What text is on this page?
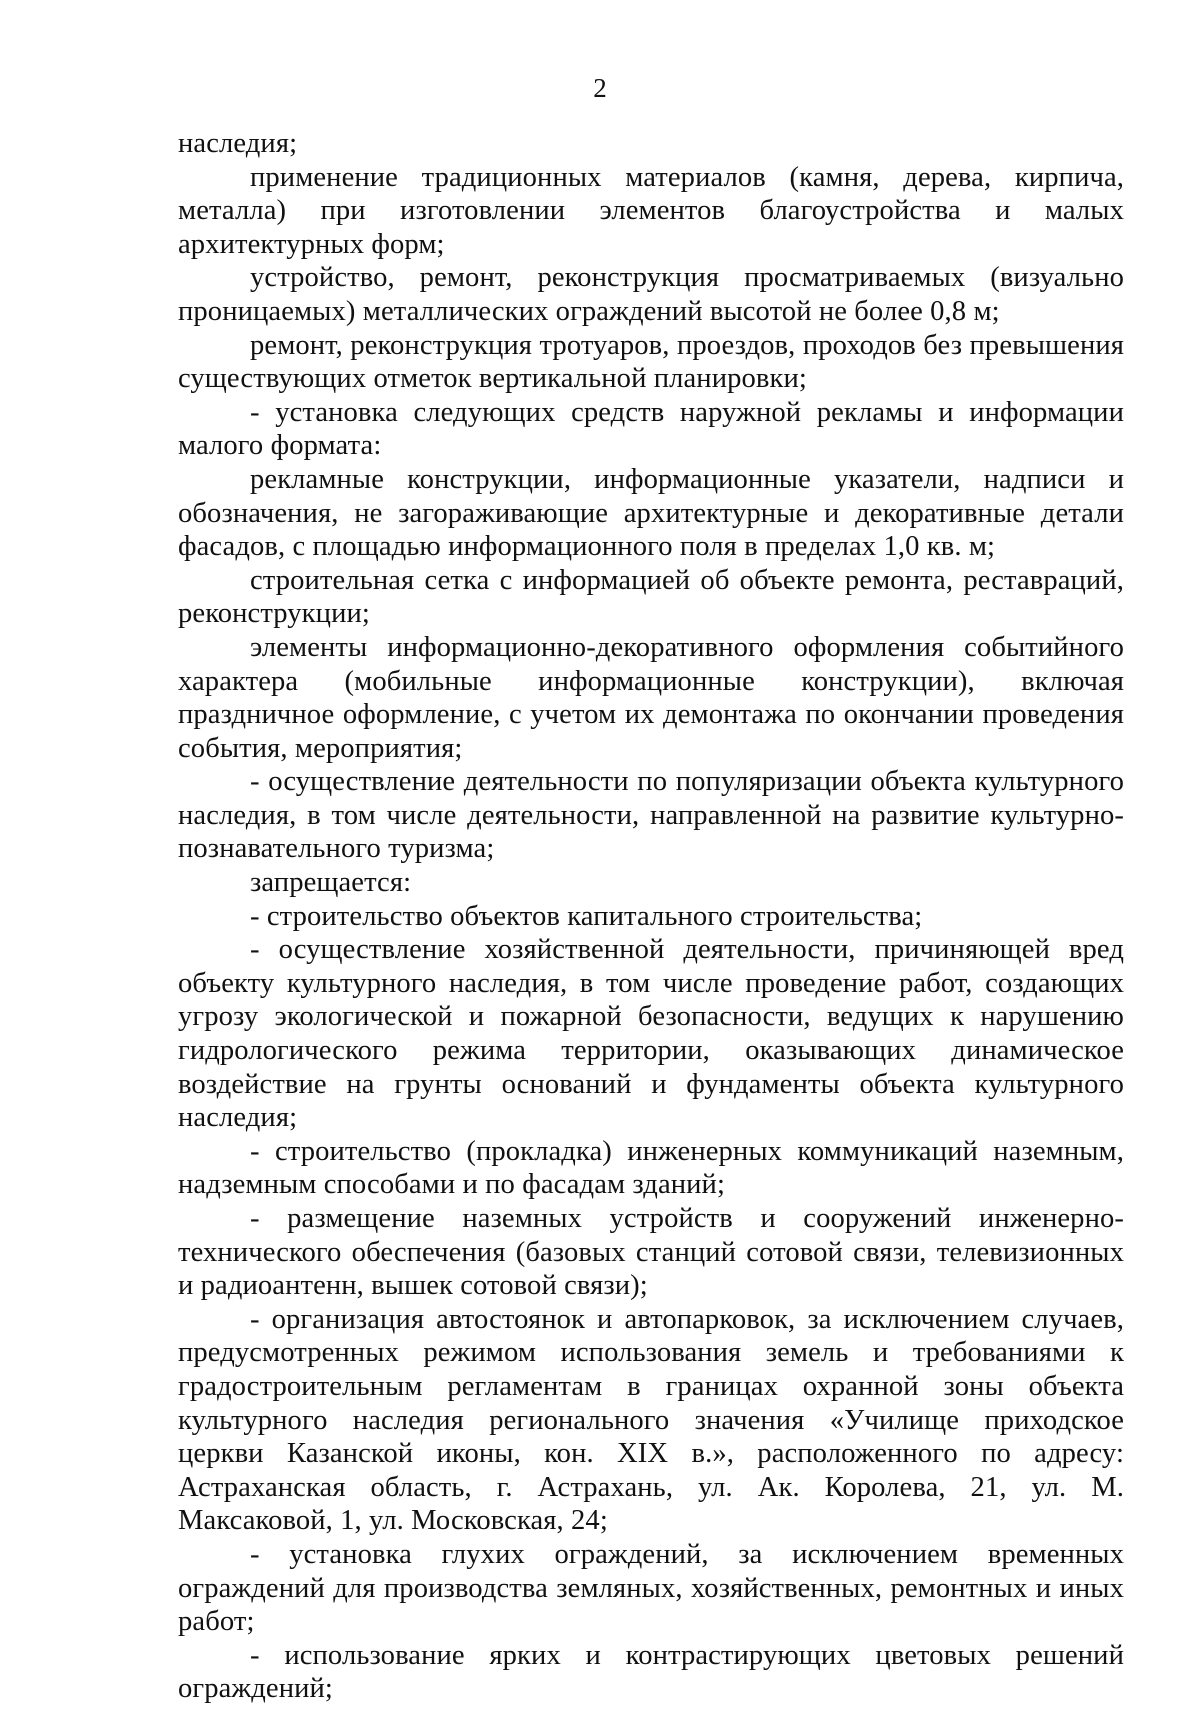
2

наследия;

применение традиционных материалов (камня, дерева, кирпича, металла) при изготовлении элементов благоустройства и малых архитектурных форм;

устройство, ремонт, реконструкция просматриваемых (визуально проницаемых) металлических ограждений высотой не более 0,8 м;

ремонт, реконструкция тротуаров, проездов, проходов без превышения существующих отметок вертикальной планировки;

- установка следующих средств наружной рекламы и информации малого формата:

рекламные конструкции, информационные указатели, надписи и обозначения, не загораживающие архитектурные и декоративные детали фасадов, с площадью информационного поля в пределах 1,0 кв. м;

строительная сетка с информацией об объекте ремонта, реставраций, реконструкции;

элементы информационно-декоративного оформления событийного характера (мобильные информационные конструкции), включая праздничное оформление, с учетом их демонтажа по окончании проведения события, мероприятия;

- осуществление деятельности по популяризации объекта культурного наследия, в том числе деятельности, направленной на развитие культурно-познавательного туризма;

запрещается:

- строительство объектов капитального строительства;

- осуществление хозяйственной деятельности, причиняющей вред объекту культурного наследия, в том числе проведение работ, создающих угрозу экологической и пожарной безопасности, ведущих к нарушению гидрологического режима территории, оказывающих динамическое воздействие на грунты оснований и фундаменты объекта культурного наследия;

- строительство (прокладка) инженерных коммуникаций наземным, надземным способами и по фасадам зданий;

- размещение наземных устройств и сооружений инженерно-технического обеспечения (базовых станций сотовой связи, телевизионных и радиоантенн, вышек сотовой связи);

- организация автостоянок и автопарковок, за исключением случаев, предусмотренных режимом использования земель и требованиями к градостроительным регламентам в границах охранной зоны объекта культурного наследия регионального значения «Училище приходское церкви Казанской иконы, кон. XIX в.», расположенного по адресу: Астраханская область, г. Астрахань, ул. Ак. Королева, 21, ул. М. Максаковой, 1, ул. Московская, 24;

- установка глухих ограждений, за исключением временных ограждений для производства земляных, хозяйственных, ремонтных и иных работ;

- использование ярких и контрастирующих цветовых решений ограждений;
